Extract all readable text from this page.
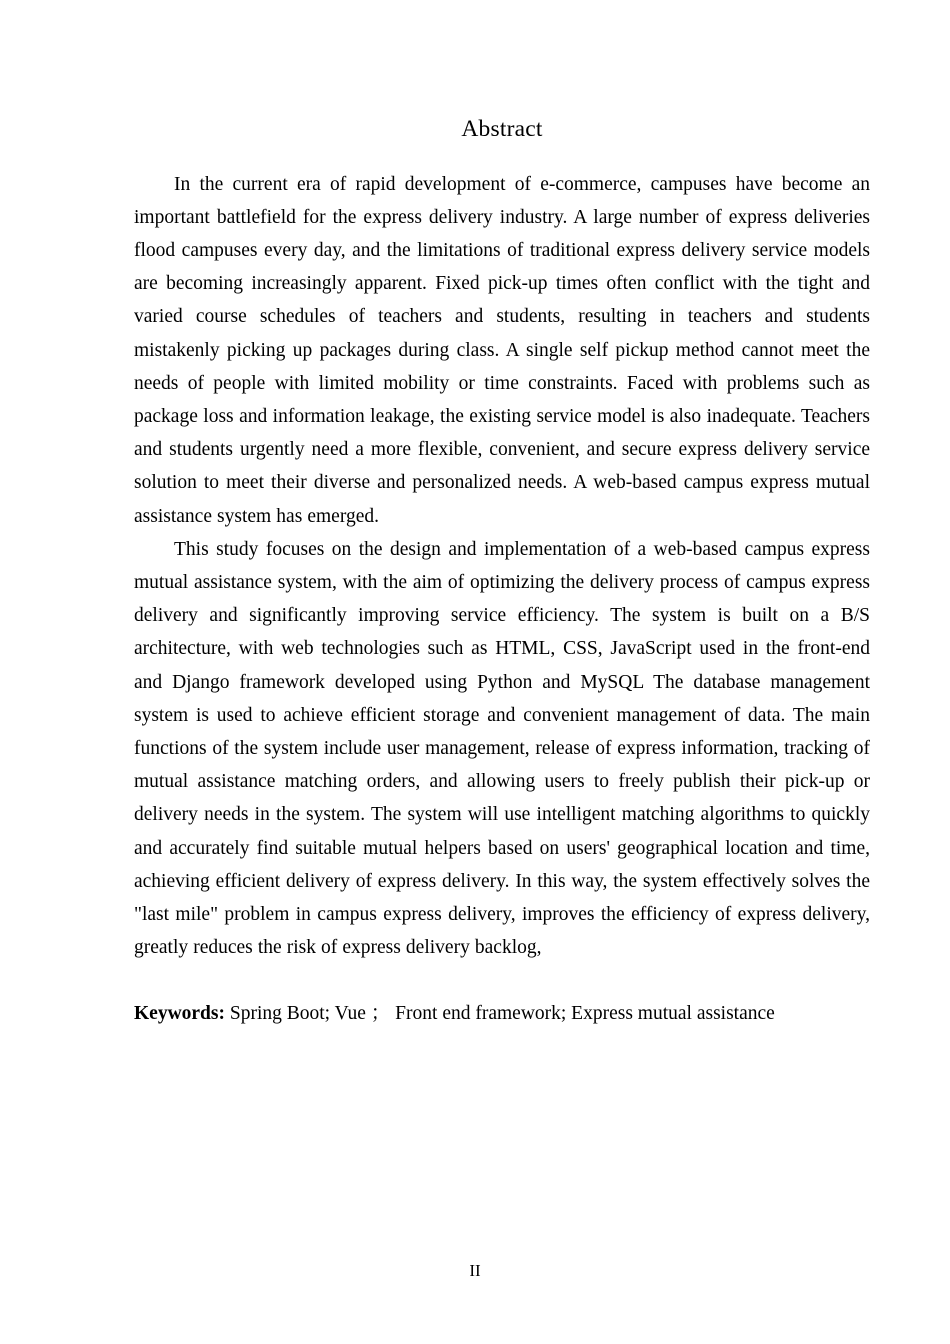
Abstract

In the current era of rapid development of e-commerce, campuses have become an important battlefield for the express delivery industry. A large number of express deliveries flood campuses every day, and the limitations of traditional express delivery service models are becoming increasingly apparent. Fixed pick-up times often conflict with the tight and varied course schedules of teachers and students, resulting in teachers and students mistakenly picking up packages during class. A single self pickup method cannot meet the needs of people with limited mobility or time constraints. Faced with problems such as package loss and information leakage, the existing service model is also inadequate. Teachers and students urgently need a more flexible, convenient, and secure express delivery service solution to meet their diverse and personalized needs. A web-based campus express mutual assistance system has emerged.

This study focuses on the design and implementation of a web-based campus express mutual assistance system, with the aim of optimizing the delivery process of campus express delivery and significantly improving service efficiency. The system is built on a B/S architecture, with web technologies such as HTML, CSS, JavaScript used in the front-end and Django framework developed using Python and MySQL The database management system is used to achieve efficient storage and convenient management of data. The main functions of the system include user management, release of express information, tracking of mutual assistance matching orders, and allowing users to freely publish their pick-up or delivery needs in the system. The system will use intelligent matching algorithms to quickly and accurately find suitable mutual helpers based on users' geographical location and time, achieving efficient delivery of express delivery. In this way, the system effectively solves the "last mile" problem in campus express delivery, improves the efficiency of express delivery, greatly reduces the risk of express delivery backlog,

Keywords: Spring Boot; Vue ； Front end framework; Express mutual assistance

II
